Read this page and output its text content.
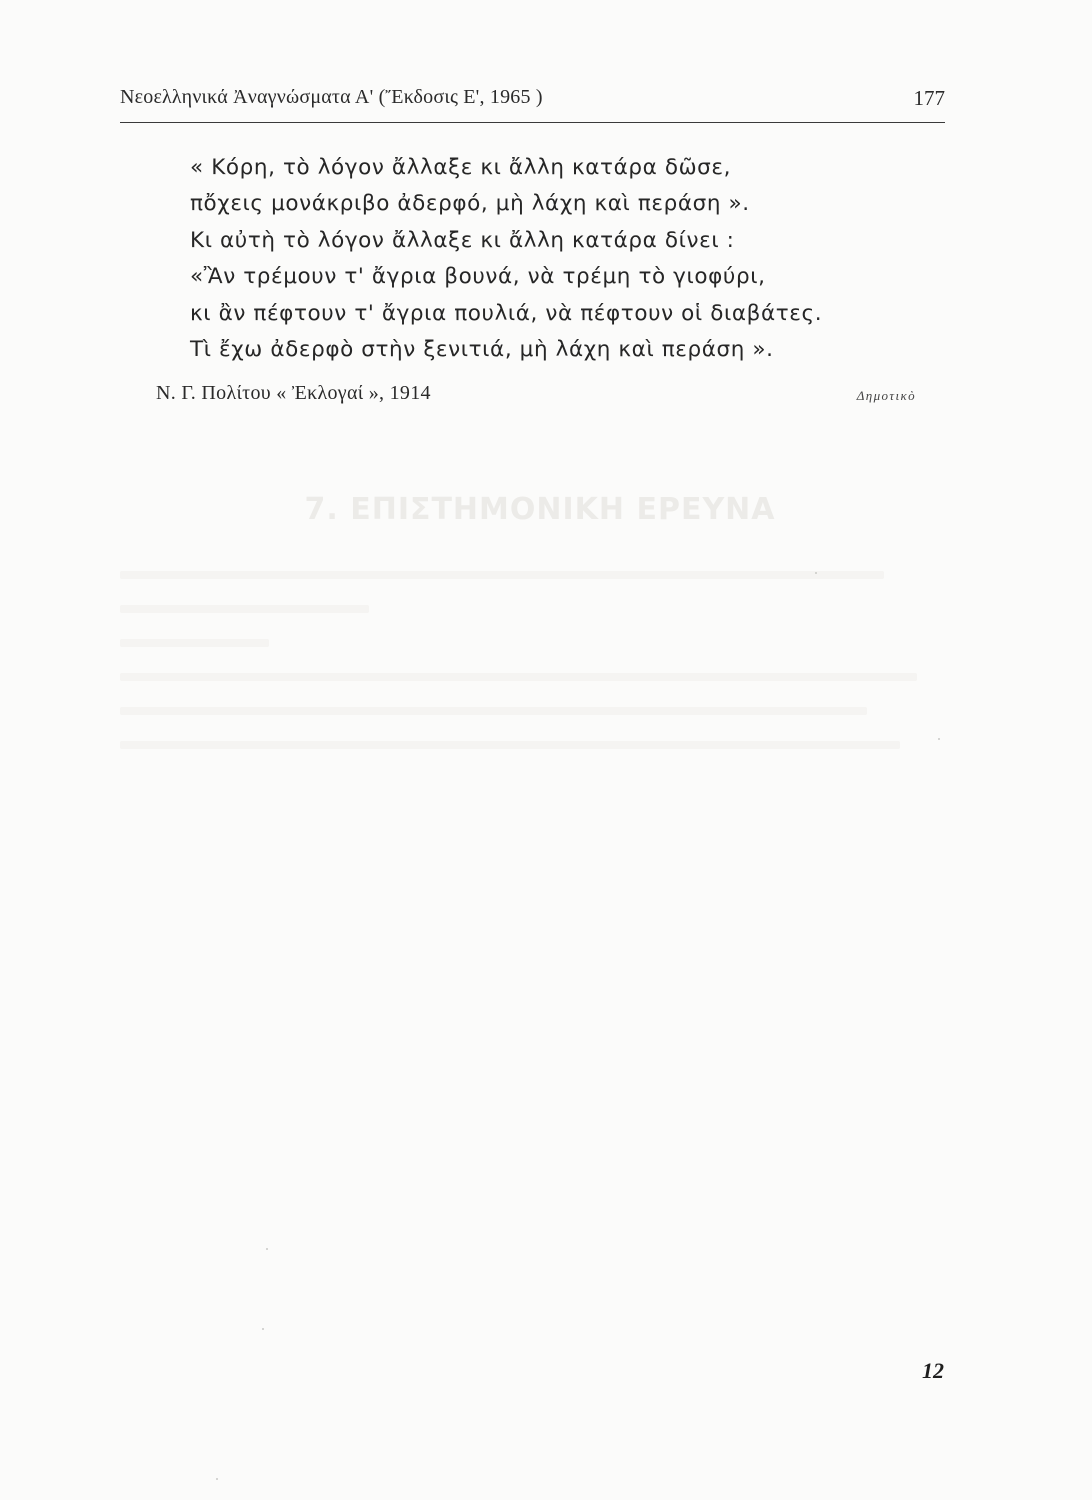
Νεοελληνικά Ἀναγνώσματα Α' (Ἔκδοσις Ε', 1965 )	177
« Κόρη, τὸ λόγον ἄλλαξε κι ἄλλη κατάρα δῶσε,
πὄχεις μονάκριβο ἀδερφό, μὴ λάχη καὶ περάση ».
Κι αὐτὴ τὸ λόγον ἄλλαξε κι ἄλλη κατάρα δίνει :
«Ἂν τρέμουν τ' ἄγρια βουνά, νὰ τρέμη τὸ γιοφύρι,
κι ἂν πέφτουν τ' ἄγρια πουλιά, νὰ πέφτουν οἱ διαβάτες.
Τὶ ἔχω ἀδερφὸ στὴν ξενιτιά, μὴ λάχη καὶ περάση ».
Ν. Γ. Πολίτου « Ἐκλογαί », 1914	Δημοτικὸ
7. ΕΠΙΣΤΗΜΟΝΙΚΗ ΕΡΕΥΝΑ
12
